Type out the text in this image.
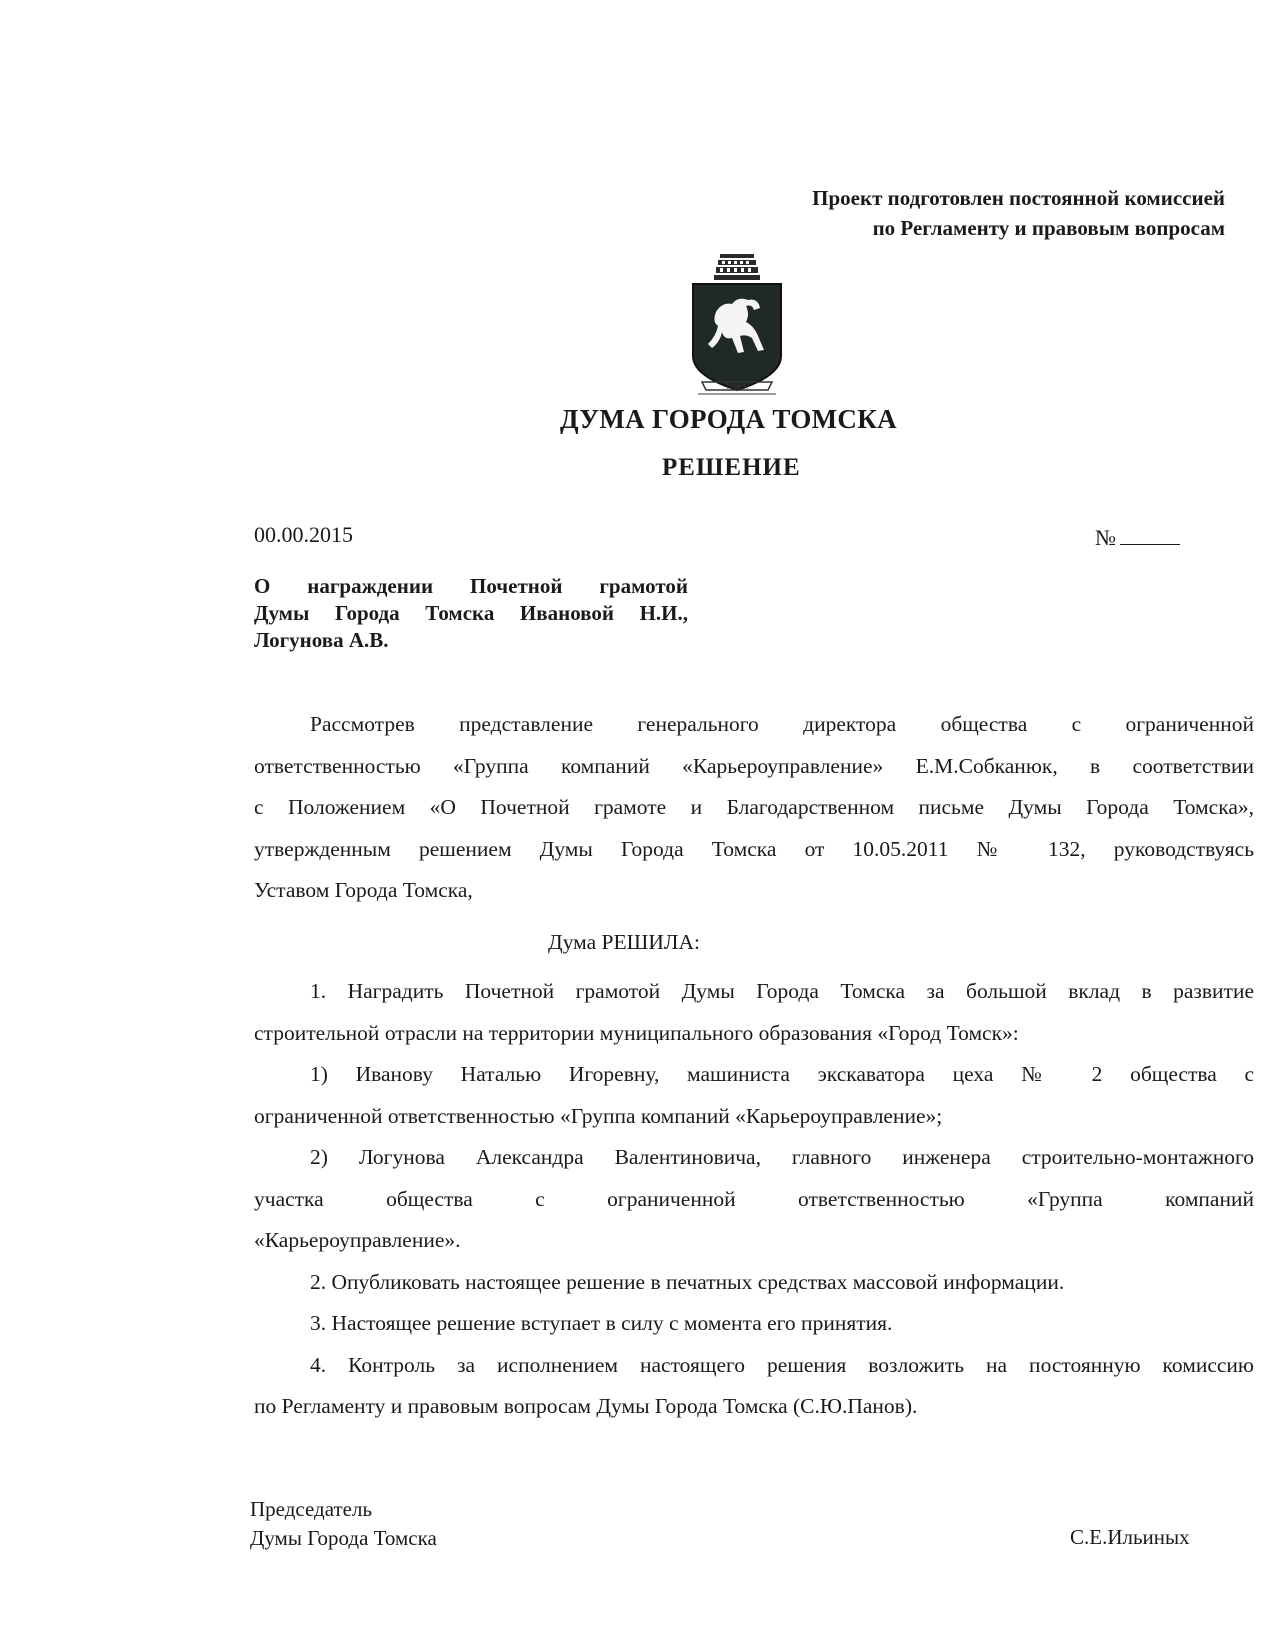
Проект подготовлен постоянной комиссией
по Регламенту и правовым вопросам
ТОМСК
ДУМА ГОРОДА ТОМСКА
РЕШЕНИЕ
00.00.2015	№
О награждении Почетной грамотой
Думы Города Томска Ивановой Н.И.,
Логунова А.В.

Рассмотрев представление генерального директора общества с ограниченной

ответственностью «Группа компаний «Карьероуправление» Е.М.Собканюк, в соответствии

с Положением «О Почетной грамоте и Благодарственном письме Думы Города Томска»,

утвержденным решением Думы Города Томска от 10.05.2011 № 132, руководствуясь

Уставом Города Томска,

Дума РЕШИЛА:

1. Наградить Почетной грамотой Думы Города Томска за большой вклад в развитие

строительной отрасли на территории муниципального образования «Город Томск»:

1) Иванову Наталью Игоревну, машиниста экскаватора цеха № 2 общества с

ограниченной ответственностью «Группа компаний «Карьероуправление»;

2) Логунова Александра Валентиновича, главного инженера строительно-монтажного

участка общества с ограниченной ответственностью «Группа компаний

«Карьероуправление».

2. Опубликовать настоящее решение в печатных средствах массовой информации.

3. Настоящее решение вступает в силу с момента его принятия.

4. Контроль за исполнением настоящего решения возложить на постоянную комиссию

по Регламенту и правовым вопросам Думы Города Томска (С.Ю.Панов).

Председатель
Думы Города Томска	С.Е.Ильиных
